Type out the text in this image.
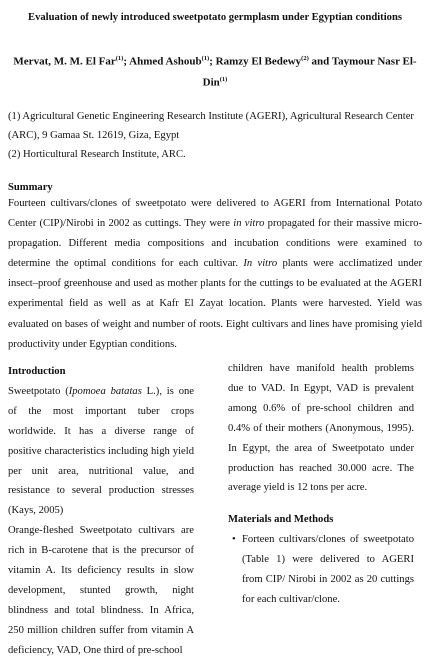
Evaluation of newly introduced sweetpotato germplasm under Egyptian conditions
Mervat, M. M. El Far$^{(1)}$; Ahmed Ashoub$^{(1)}$; Ramzy El Bedewy$^{(2)}$ and Taymour Nasr El-Din$^{(1)}$
(1) Agricultural Genetic Engineering Research Institute (AGERI), Agricultural Research Center (ARC), 9 Gamaa St. 12619, Giza, Egypt
(2) Horticultural Research Institute, ARC.
Summary
Fourteen cultivars/clones of sweetpotato were delivered to AGERI from International Potato Center (CIP)/Nirobi in 2002 as cuttings. They were in vitro propagated for their massive micro-propagation. Different media compositions and incubation conditions were examined to determine the optimal conditions for each cultivar. In vitro plants were acclimatized under insect–proof greenhouse and used as mother plants for the cuttings to be evaluated at the AGERI experimental field as well as at Kafr El Zayat location. Plants were harvested. Yield was evaluated on bases of weight and number of roots. Eight cultivars and lines have promising yield productivity under Egyptian conditions.
Introduction

Sweetpotato (Ipomoea batatas L.), is one of the most important tuber crops worldwide. It has a diverse range of positive characteristics including high yield per unit area, nutritional value, and resistance to several production stresses (Kays, 2005)

Orange-fleshed Sweetpotato cultivars are rich in B-carotene that is the precursor of vitamin A. Its deficiency results in slow development, stunted growth, night blindness and total blindness. In Africa, 250 million children suffer from vitamin A deficiency, VAD, One third of pre-school

children have manifold health problems due to VAD. In Egypt, VAD is prevalent among 0.6% of pre-school children and 0.4% of their mothers (Anonymous, 1995). In Egypt, the area of Sweetpotato under production has reached 30.000 acre. The average yield is 12 tons per acre.

Materials and Methods
• Forteen cultivars/clones of sweetpotato (Table 1) were delivered to AGERI from CIP/ Nirobi in 2002 as 20 cuttings for each cultivar/clone.
